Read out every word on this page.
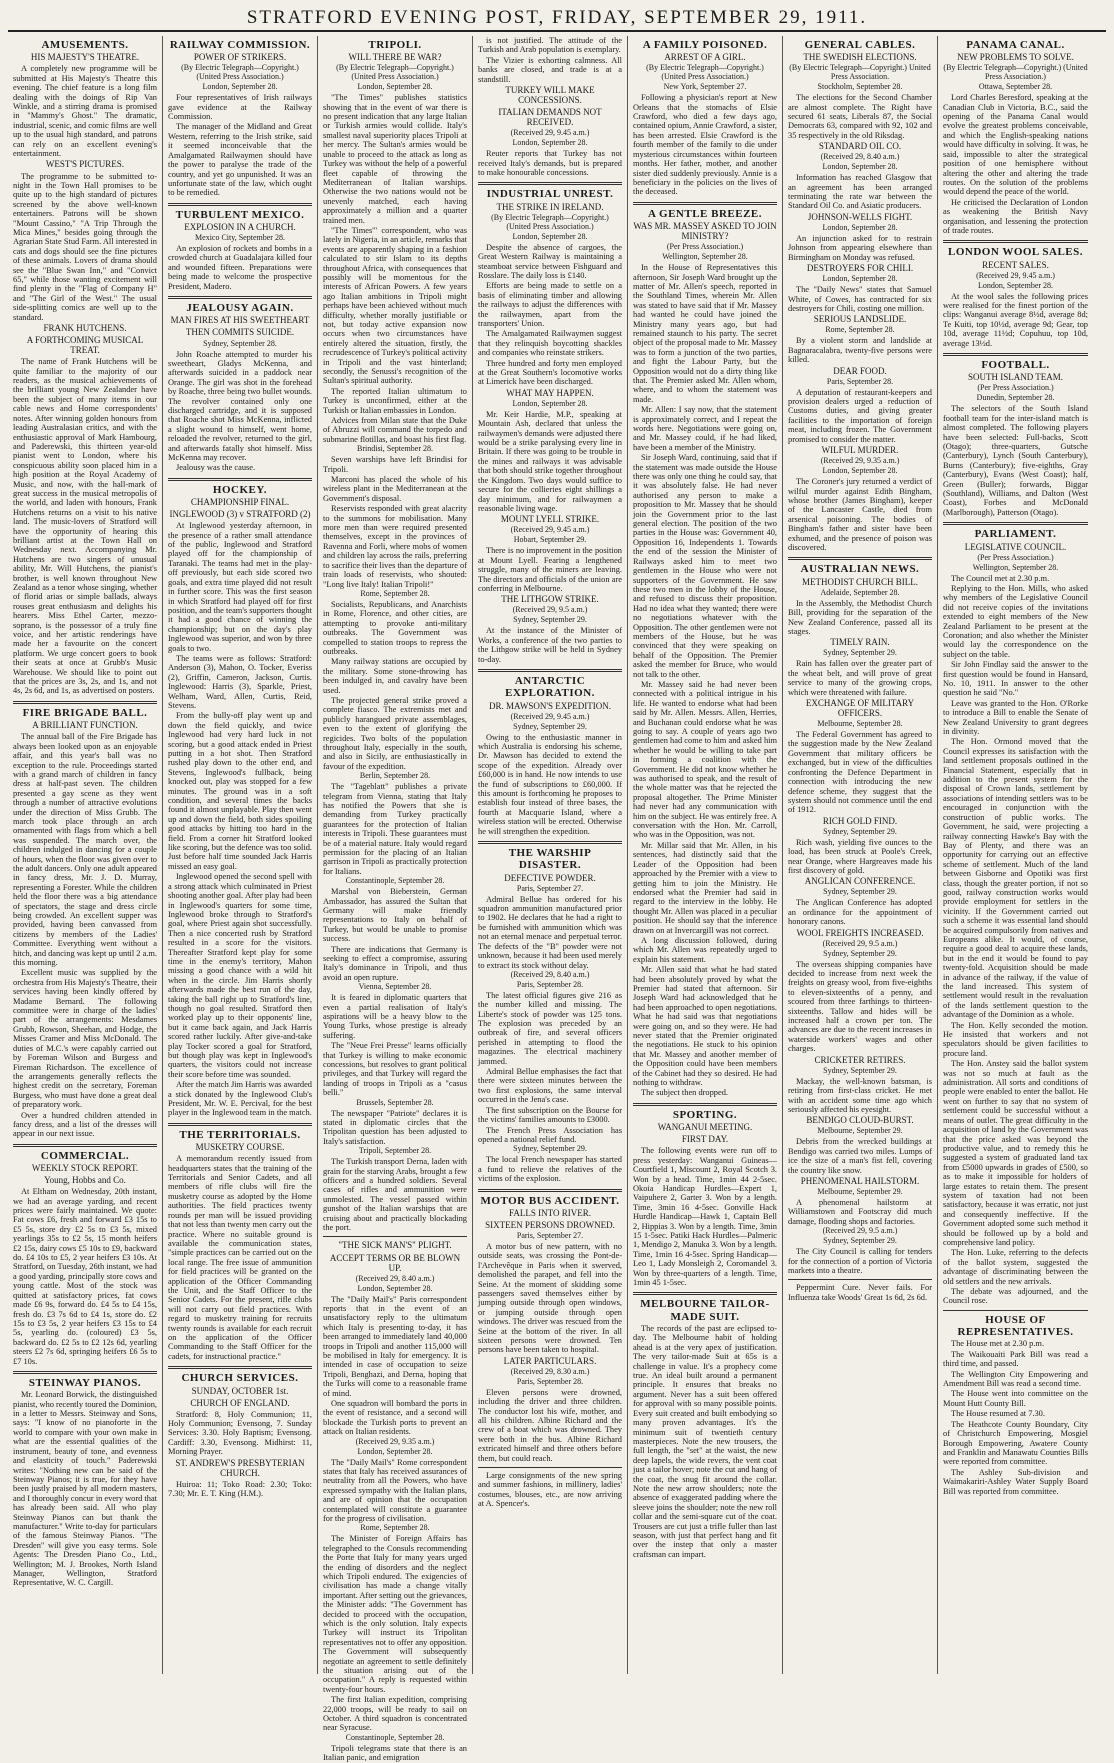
STRATFORD EVENING POST, FRIDAY, SEPTEMBER 29, 1911.
AMUSEMENTS.
HIS MAJESTY'S THEATRE.

A completely new programme will be submitted at His Majesty's Theatre this evening. The chief feature is a long film dealing with the doings of Rip Van Winkle, and a stirring drama is promised in "Mammy's Ghost." The dramatic, industrial, scenic, and comic films are well up to the usual high standard, and patrons can rely on an excellent evening's entertainment.

WEST'S PICTURES.

The programme to be submitted to-night in the Town Hall promises to be quite up to the high standard of pictures screened by the above well-known entertainers. Patrons will be shown "Mount Cassino," "A Trip Through the Mica Mines," besides going through the Agrarian State Stud Farm. All interested in cats and dogs should see the fine pictures of these animals. Lovers of drama should see the "Blue Swan Inn," and "Convict 65," while those wanting excitement will find plenty in the "Flag of Company H" and "The Girl of the West." The usual side-splitting comics are well up to the standard.

FRANK HUTCHENS.
A FORTHCOMING MUSICAL TREAT.

The name of Frank Hutchens will be quite familiar to the majority of our readers, as the musical achievements of the brilliant young New Zealander have been the subject of many items in our cable news and Home correspondents' notes. After winning golden honours from leading Australasian critics, and with the enthusiastic approval of Mark Hambourg, and Paderewski, this thirteen year-old pianist went to London, where his conspicuous ability soon placed him in a high position at the Royal Academy of Music, and now, with the hall-mark of great success in the musical metropolis of the world, and laden with honours, Frank Hutchens returns on a visit to his native land. The music-lovers of Stratford will have the opportunity of hearing this brilliant artist at the Town Hall on Wednesday next. Accompanying Mr. Hutchens are two singers of unusual ability, Mr. Will Hutchens, the pianist's brother, is well known throughout New Zealand as a tenor whose singing, whether of florid arias or simple ballads, always rouses great enthusiasm and delights his hearers. Miss Ethel Carter, mezzo-soprano, is the possessor of a truly fine voice, and her artistic renderings have made her a favourite on the concert platform. We urge concert goers to book their seats at once at Grubb's Music Warehouse. We should like to point out that the prices are 3s, 2s, and 1s, and not 4s, 2s 6d, and 1s, as advertised on posters.

FIRE BRIGADE BALL.
A BRILLIANT FUNCTION.

The annual ball of the Fire Brigade has always been looked upon as an enjoyable affair, and this year's ball was no exception to the rule. Proceedings started with a grand march of children in fancy dress at half-past seven. The children presented a gay scene as they went through a number of attractive evolutions under the direction of Miss Grubb. The march took place through an arch ornamented with flags from which a bell was suspended. The march over, the children indulged in dancing for a couple of hours, when the floor was given over to the adult dancers. Only one adult appeared in fancy dress, Mr. J. D. Murray, representing a Forester. While the children held the floor there was a big attendance of spectators, the stage and dress circle being crowded. An excellent supper was provided, having been canvassed from citizens by members of the Ladies' Committee. Everything went without a hitch, and dancing was kept up until 2 a.m. this morning.

Excellent music was supplied by the orchestra from His Majesty's Theatre, their services having been kindly offered by Madame Bernard. The following committee were in charge of the ladies' part of the arrangements: Mesdames Grubb, Rowson, Sheehan, and Hodge, the Misses Cramer and Miss McDonald. The duties of M.C.'s were capably carried out by Foreman Wilson and Burgess and Fireman Richardson. The excellence of the arrangements generally reflects the highest credit on the secretary, Foreman Burgess, who must have done a great deal of preparatory work.

Over a hundred children attended in fancy dress, and a list of the dresses will appear in our next issue.

COMMERCIAL.
WEEKLY STOCK REPORT.
Young, Hobbs and Co.

At Eltham on Wednesday, 20th instant, we had an average yarding, and recent prices were fairly maintained. We quote: Fat cows £6, fresh and forward £3 15s to £5 5s, store dry £2 5s to £3 5s, mixed yearlings 35s to £2 5s, 15 month heifers £2 15s, dairy cows £5 10s to £9, backward do. £4 10s to £5, 2 year heifers £3 10s. At Stratford, on Tuesday, 26th instant, we had a good yarding, principally store cows and young cattle. Most of the stock was quitted at satisfactory prices, fat cows made £6 9s, forward do. £4 5s to £4 15s, fresh do. £3 7s 6d to £4 1s, store do. £2 15s to £3 5s, 2 year heifers £3 15s to £4 5s, yearling do. (coloured) £3 5s, backward do. £2 5s to £2 12s 6d, yearling steers £2 7s 6d, springing heifers £6 5s to £7 10s.

STEINWAY PIANOS.

Mr. Leonard Borwick, the distinguished pianist, who recently toured the Dominion, in a letter to Messrs. Steinway and Sons, says: "I know of no pianoforte in the world to compare with your own make in what are the essential qualities of the instrument, beauty of tone, and evenness and elasticity of touch." Paderewski writes: "Nothing new can be said of the Steinway Pianos; it is true, for they have been justly praised by all modern masters, and I thoroughly concur in every word that has already been said. All who play Steinway Pianos can but thank the manufacturer." Write to-day for particulars of the famous Steinway Pianos. "The Dresden" will give you easy terms. Sole Agents: The Dresden Piano Co., Ltd., Wellington; M. J. Brookes, North Island Manager, Wellington, Stratford Representative, W. C. Cargill.

RAILWAY COMMISSION.
POWER OF STRIKERS.
(By Electric Telegraph—Copyright.) (United Press Association.)
London, September 28.

Four representatives of Irish railways gave evidence at the Railway Commission.

The manager of the Midland and Great Western, referring to the Irish strike, said it seemed inconceivable that the Amalgamated Railwaymen should have the power to paralyse the trade of the country, and yet go unpunished. It was an unfortunate state of the law, which ought to be remedied.

TURBULENT MEXICO.
EXPLOSION IN A CHURCH.
Mexico City, September 28.

An explosion of rockets and bombs in a crowded church at Guadalajara killed four and wounded fifteen. Preparations were being made to welcome the prospective President, Madero.

JEALOUSY AGAIN.
MAN FIRES AT HIS SWEETHEART
THEN COMMITS SUICIDE.
Sydney, September 28.

John Roache attempted to murder his sweetheart, Gladys McKenna, and afterwards suicided in a paddock near Orange. The girl was shot in the forehead by Roache, three being two bullet wounds. The revolver contained only one discharged cartridge, and it is supposed that Roache shot Miss McKenna, inflicted a slight wound to himself, went home, reloaded the revolver, returned to the girl, and afterwards fatally shot himself. Miss McKenna may recover.

Jealousy was the cause.

HOCKEY.
CHAMPIONSHIP FINAL.
INGLEWOOD (3) v STRATFORD (2)

At Inglewood yesterday afternoon, in the presence of a rather small attendance of the public, Inglewood and Stratford played off for the championship of Taranaki. The teams had met in the play-off previously, but each side scored two goals, and extra time played did not result in further score. This was the first season in which Stratford had played off for first position, and the team's supporters thought it had a good chance of winning the championship; but on the day's play Inglewood was superior, and won by three goals to two.

The teams were as follows: Stratford: Anderson (3), Mahon, O. Tocker, Everiss (2), Griffin, Cameron, Jackson, Curtis. Inglewood: Harris (3), Sparkle, Priest, Welham, Ward, Allen, Curtis, Reid, Stevens.

From the bully-off play went up and down the field quickly, and twice Inglewood had very hard luck in not scoring, but a good attack ended in Priest putting in a hot shot. Then Stratford rushed play down to the other end, and Stevens, Inglewood's fullback, being knocked out, play was stopped for a few minutes. The ground was in a soft condition, and several times the backs found it almost unplayable. Play then went up and down the field, both sides spoiling good attacks by hitting too hard in the field. From a corner hit Stratford looked like scoring, but the defence was too solid. Just before half time sounded Jack Harris missed an easy goal.

Inglewood opened the second spell with a strong attack which culminated in Priest shooting another goal. After play had been in Inglewood's quarters for some time, Inglewood broke through to Stratford's goal, where Priest again shot successfully. Then a nice concerted rush by Stratford resulted in a score for the visitors. Thereafter Stratford kept play for some time in the enemy's territory, Mahon missing a good chance with a wild hit when in the circle. Jim Harris shortly afterwards made the best run of the day, taking the ball right up to Stratford's line, though no goal resulted. Stratford then worked play up to their opponents' line, but it came back again, and Jack Harris scored rather luckily. After give-and-take play Tocker scored a goal for Stratford, but though play was kept in Inglewood's quarters, the visitors could not increase their score before time was sounded.

After the match Jim Harris was awarded a stick donated by the Inglewood Club's President, Mr. W. E. Percival, for the best player in the Inglewood team in the match.

THE TERRITORIALS.
MUSKETRY COURSE.

A memorandum recently issued from headquarters states that the training of the Territorials and Senior Cadets, and all members of rifle clubs will fire the musketry course as adopted by the Home authorities. The field practices twenty rounds per man will be issued providing that not less than twenty men carry out the practice. Where no suitable ground is available the communication states, "simple practices can be carried out on the local range. The free issue of ammunition for field practices will be granted on the application of the Officer Commanding the Unit, and the Staff Officer to the Senior Cadets. For the present, rifle clubs will not carry out field practices. With regard to musketry training for recruits twenty rounds is available for each recruit on the application of the Officer Commanding to the Staff Officer for the cadets, for instructional practice."

CHURCH SERVICES.
SUNDAY, OCTOBER 1st.
CHURCH OF ENGLAND.

Stratford: 8, Holy Communion; 11, Holy Communion; Evensong, 7. Sunday Services: 3.30. Holy Baptism; Evensong. Cardiff: 3.30, Evensong. Midhirst: 11, Morning Prayer.

ST. ANDREW'S PRESBYTERIAN CHURCH.

Huiroa: 11; Toko Road: 2.30; Toko: 7.30; Mr. E. T. King (H.M.).

TRIPOLI.
WILL THERE BE WAR?
(By Electric Telegraph—Copyright.) (United Press Association.)
London, September 28.

"The Times" publishes statistics showing that in the event of war there is no present indication that any large Italian or Turkish armies would collide. Italy's smallest naval superiority places Tripoli at her mercy. The Sultan's armies would be unable to proceed to the attack as long as Turkey was without the help of a powerful fleet capable of throwing the Mediterranean of Italian warships. Otherwise the two nations would not be unevenly matched, each having approximately a million and a quarter trained men.

"The Times'" correspondent, who was lately in Nigeria, in an article, remarks that events are apparently shaping in a fashion calculated to stir Islam to its depths throughout Africa, with consequences that possibly will be momentous for the interests of African Powers. A few years ago Italian ambitions in Tripoli might perhaps have been achieved without much difficulty, whether morally justifiable or not, but today active expansion now occurs when two circumstances have entirely altered the situation, firstly, the recrudescence of Turkey's political activity in Tripoli and the vast hinterland; secondly, the Senussi's recognition of the Sultan's spiritual authority.

The reported Italian ultimatum to Turkey is unconfirmed, either at the Turkish or Italian embassies in London.

Advices from Milan state that the Duke of Abruzzi will command the torpedo and submarine flotillas, and boast his first flag.

Brindisi, September 28.

Seven warships have left Brindisi for Tripoli.

Marconi has placed the whole of his wireless plant in the Mediterranean at the Government's disposal.

Reservists responded with great alacrity to the summons for mobilisation. Many more men than were required presented themselves, except in the provinces of Ravenna and Forli, where mobs of women and children lay across the rails, preferring to sacrifice their lives than the departure of train loads of reservists, who shouted: "Long live Italy! Italian Tripoli!"

Rome, September 28.

Socialists, Republicans, and Anarchists in Rome, Florence, and other cities, are attempting to provoke anti-military outbreaks. The Government was compelled to station troops to repress the outbreaks.

Many railway stations are occupied by the military. Some stone-throwing has been indulged in, and cavalry have been used.

The projected general strike proved a complete fiasco. The extremists met and publicly harangued private assemblages, even to the extent of glorifying the regicides. Two bolts of the population throughout Italy, especially in the south, and also in Sicily, are enthusiastically in favour of the expedition.

Berlin, September 28.

The "Tageblatt" publishes a private telegram from Vienna, stating that Italy has notified the Powers that she is demanding from Turkey practically guarantees for the protection of Italian interests in Tripoli. These guarantees must be of a material nature. Italy would regard permission for the placing of an Italian garrison in Tripoli as practically protection for Italians.

Constantinople, September 28.

Marshal von Bieberstein, German Ambassador, has assured the Sultan that Germany will make friendly representations to Italy on behalf of Turkey, but would be unable to promise success.

There are indications that Germany is seeking to effect a compromise, assuring Italy's dominance in Tripoli, and thus avoid an open rupture.

Vienna, September 28.

It is feared in diplomatic quarters that even a partial realisation of Italy's aspirations will be a heavy blow to the Young Turks, whose prestige is already suffering.

The "Neue Frei Presse" learns officially that Turkey is willing to make economic concessions, but resolves to grant political privileges, and that Turkey will regard the landing of troops in Tripoli as a "casus belli."

Brussels, September 28.

The newspaper "Patriote" declares it is stated in diplomatic circles that the Tripolitan question has been adjusted to Italy's satisfaction.

Tripoli, September 28.

The Turkish transport Derna, laden with grain for the starving Arabs, brought a few officers and a hundred soldiers. Several cases of rifles and ammunition were unmolested. The vessel passed within gunshot of the Italian warships that are cruising about and practically blockading the port.

"THE SICK MAN'S" PLIGHT.
ACCEPT TERMS OR BE BLOWN UP.
(Received 29, 8.40 a.m.)
London, September 28.

The "Daily Mail's" Paris correspondent reports that in the event of an unsatisfactory reply to the ultimatum which Italy is presenting to-day, it has been arranged to immediately land 40,000 troops in Tripoli and another 115,000 will be mobilised in Italy for emergency. It is intended in case of occupation to seize Tripoli, Benghazi, and Derna, hoping that the Turks will come to a reasonable frame of mind.

One squadron will bombard the ports in the event of resistance, and a second will blockade the Turkish ports to prevent an attack on Italian residents.

(Received 29, 9.35 a.m.)
London, September 28.

The "Daily Mail's" Rome correspondent states that Italy has received assurances of neutrality from all the Powers, who have expressed sympathy with the Italian plans, and are of opinion that the occupation contemplated will constitute a guarantee for the progress of civilisation.

Rome, September 28.

The Minister of Foreign Affairs has telegraphed to the Consuls recommending the Porte that Italy for many years urged the ending of disorders and the neglect which Tripoli endured. The exigencies of civilisation has made a change vitally important. After setting out the grievances, the Minister adds: "The Government has decided to proceed with the occupation, which is the only solution. Italy expects Turkey will instruct its Tripolitan representatives not to offer any opposition. The Government will subsequently negotiate an agreement to settle definitely the situation arising out of the occupation." A reply is requested within twenty-four hours.

The first Italian expedition, comprising 22,000 troops, will be ready to sail on October. A third squadron is concentrated near Syracuse.

Constantinople, September 28.

Tripoli telegrams state that there is an Italian panic, and emigration

is not justified. The attitude of the Turkish and Arab population is exemplary.

The Vizier is exhorting calmness. All banks are closed, and trade is at a standstill.

TURKEY WILL MAKE CONCESSIONS.
ITALIAN DEMANDS NOT RECEIVED.
(Received 29, 9.45 a.m.)
London, September 28.

Reuter reports that Turkey has not received Italy's demands, but is prepared to make honourable concessions.

INDUSTRIAL UNREST.
THE STRIKE IN IRELAND.
(By Electric Telegraph—Copyright.) (United Press Association.)
London, September 28.

Despite the absence of cargoes, the Great Western Railway is maintaining a steamboat service between Fishguard and Rosslare. The daily loss is £140.

Efforts are being made to settle on a basis of eliminating timber and allowing the railways to adjust the differences with the railwaymen, apart from the transporters' Union.

The Amalgamated Railwaymen suggest that they relinquish boycotting shackles and companies who reinstate strikers.

Three hundred and forty men employed at the Great Southern's locomotive works at Limerick have been discharged.

WHAT MAY HAPPEN.
London, September 28.

Mr. Keir Hardie, M.P., speaking at Mountain Ash, declared that unless the railwaymen's demands were adjusted there would be a strike paralysing every line in Britain. If there was going to be trouble in the mines and railways it was advisable that both should strike together throughout the Kingdom. Two days would suffice to secure for the collieries eight shillings a day minimum, and for railwaymen a reasonable living wage.

MOUNT LYELL STRIKE.
(Received 29, 9.45 a.m.)
Hobart, September 29.

There is no improvement in the position at Mount Lyell. Fearing a lengthened struggle, many of the miners are leaving. The directors and officials of the union are conferring in Melbourne.

THE LITHGOW STRIKE.
(Received 29, 9.5 a.m.)
Sydney, September 29.

At the instance of the Minister of Works, a conference of the two parties to the Lithgow strike will be held in Sydney to-day.

ANTARCTIC EXPLORATION.
DR. MAWSON'S EXPEDITION.
(Received 29, 9.45 a.m.)
Sydney, September 29.

Owing to the enthusiastic manner in which Australia is endorsing his scheme, Dr. Mawson has decided to extend the scope of the expedition. Already over £60,000 is in hand. He now intends to use the fund of subscriptions to £60,000. If this amount is forthcoming he proposes to establish four instead of three bases, the fourth at Macquarie Island, where a wireless station will be erected. Otherwise he will strengthen the expedition.

THE WARSHIP DISASTER.
DEFECTIVE POWDER.
Paris, September 27.

Admiral Bellue has ordered for his squadron ammunition manufactured prior to 1902. He declares that he had a right to be furnished with ammunition which was not an eternal menace and perpetual terror. The defects of the "B" powder were not unknown, because it had been used merely to extract its stock without delay.

(Received 29, 8.40 a.m.)
Paris, September 28.

The latest official figures give 216 as the number killed and missing. The Liberte's stock of powder was 125 tons. The explosion was preceded by an outbreak of fire, and several officers perished in attempting to flood the magazines. The electrical machinery jammed.

Admiral Bellue emphasises the fact that there were sixteen minutes between the two first explosions, the same interval occurred in the Jena's case.

The first subscription on the Bourse for the victims' families amounts to £3000.

The French Press Association has opened a national relief fund.

Sydney, September 29.

The local French newspaper has started a fund to relieve the relatives of the victims of the explosion.

MOTOR BUS ACCIDENT.
FALLS INTO RIVER.
SIXTEEN PERSONS DROWNED.
Paris, September 27.

A motor bus of new pattern, with no outside seats, was crossing the Pont-de-l'Archevêque in Paris when it swerved, demolished the parapet, and fell into the Seine. At the moment of skidding some passengers saved themselves either by jumping outside through open windows, or jumping outside through open windows. The driver was rescued from the Seine at the bottom of the river. In all sixteen persons were drowned. Ten persons have been taken to hospital.

LATER PARTICULARS.
(Received 29, 8.30 a.m.)
Paris, September 28.

Eleven persons were drowned, including the driver and three children. The conductor lost his wife, mother, and all his children. Albine Richard and the crew of a boat which was drowned. They were both in the bus. Albine Richard extricated himself and three others before them, but could reach.

Large consignments of the new spring and summer fashions, in millinery, ladies' costumes, blouses, etc., are now arriving at A. Spencer's.

A FAMILY POISONED.
ARREST OF A GIRL.
(By Electric Telegraph—Copyright.) (United Press Association.)
New York, September 27.

Following a physician's report at New Orleans that the stomachs of Elsie Crawford, who died a few days ago, contained opium, Annie Crawford, a sister, has been arrested. Elsie Crawford is the fourth member of the family to die under mysterious circumstances within fourteen months. Her father, mother, and another sister died suddenly previously. Annie is a beneficiary in the policies on the lives of the deceased.

A GENTLE BREEZE.
WAS MR. MASSEY ASKED TO JOIN MINISTRY?
(Per Press Association.)
Wellington, September 28.

In the House of Representatives this afternoon, Sir Joseph Ward brought up the matter of Mr. Allen's speech, reported in the Southland Times, wherein Mr. Allen was stated to have said that if Mr. Massey had wanted he could have joined the Ministry many years ago, but had remained staunch to his party. The secret object of the proposal made to Mr. Massey was to form a junction of the two parties, and fight the Labour Party, but the Opposition would not do a dirty thing like that. The Premier asked Mr. Allen whom, where, and to whom the statement was made.

Mr. Allen: I say now, that the statement is approximately correct, and I repeat the words here. Negotiations were going on, and Mr. Massey could, if he had liked, have been a member of the Ministry.

Sir Joseph Ward, continuing, said that if the statement was made outside the House there was only one thing he could say, that it was absolutely false. He had never authorised any person to make a proposition to Mr. Massey that he should join the Government prior to the last general election. The position of the two parties in the House was: Government 40, Opposition 16, Independents 1. Towards the end of the session the Minister of Railways asked him to meet two gentlemen in the House who were not supporters of the Government. He saw these two men in the lobby of the House, and refused to discuss their proposition. Had no idea what they wanted; there were no negotiations whatever with the Opposition. The other gentlemen were not members of the House, but he was convinced that they were speaking on behalf of the Opposition. The Premier asked the member for Bruce, who would not talk to the other.

Mr. Massey said he had never been connected with a political intrigue in his life. He wanted to endorse what had been said by Mr. Allen. Messrs. Allen, Herries, and Buchanan could endorse what he was going to say. A couple of years ago two gentlemen had come to him and asked him whether he would be willing to take part in forming a coalition with the Government. He did not know whether he was authorised to speak, and the result of the whole matter was that he rejected the proposal altogether. The Prime Minister had never had any communication with him on the subject. He was entirely free. A conversation with the Hon. Mr. Carroll, who was in the Opposition, was not.

Mr. Millar said that Mr. Allen, in his sentences, had distinctly said that the Leader of the Opposition had been approached by the Premier with a view to getting him to join the Ministry. He endorsed what the Premier had said in regard to the interview in the lobby. He thought Mr. Allen was placed in a peculiar position. He should say that the inference drawn on at Invercargill was not correct.

A long discussion followed, during which Mr. Allen was repeatedly urged to explain his statement.

Mr. Allen said that what he had stated had been absolutely proved by what the Premier had stated that afternoon. Sir Joseph Ward had acknowledged that he had been approached to open negotiations. What he had said was that negotiations were going on, and so they were. He had never stated that the Premier originated the negotiations. He stuck to his opinion that Mr. Massey and another member of the Opposition could have been members of the Cabinet had they so desired. He had nothing to withdraw.

The subject then dropped.

SPORTING.
WANGANUI MEETING.
FIRST DAY.

The following events were run off to press yesterday: Wanganui Guineas—Courtfield 1, Miscount 2, Royal Scotch 3. Won by a head. Time, 1min 44 2-5sec. Okoia Handicap Hurdles—Expert 1, Vaipuhere 2, Garter 3. Won by a length. Time, 3min 16 4-5sec. Gonville Hack Hurdle Handicap—Hawk 1, Captain Bell 2, Hippias 3. Won by a length. Time, 3min 15 1-5sec. Patiki Hack Hurdles—Palmeric 1, Mendigo 2, Manuka 3. Won by a length. Time, 1min 16 4-5sec. Spring Handicap—Leo 1, Lady Monsleigh 2, Coromandel 3. Won by three-quarters of a length. Time, 1min 45 1-5sec.

MELBOURNE TAILOR-MADE SUIT.

The records of the past are eclipsed to-day. The Melbourne habit of holding ahead is at the very apex of justification. The very tailor-made Suit at 65s is a challenge in value. It's a prophecy come true. An ideal built around a permanent principle. It ensures that breaks no argument. Never has a suit been offered for approval with so many possible points. Every suit created and built embodying so many proven advantages. It's the minimum suit of twentieth century masterpieces. Note the new trousers, the full length, the "set" at the waist, the new deep lapels, the wide revers, the vent coat just a tailor hover; note the cut and hang of the coat, the snug fit around the collar. Note the new arrow shoulders; note the absence of exaggerated padding where the sleeve joins the shoulder; note the new roll collar and the semi-square cut of the coat. Trousers are cut just a trifle fuller than last season, with just that perfect hang and fit over the instep that only a master craftsman can impart.

GENERAL CABLES.
THE SWEDISH ELECTIONS.
(By Electric Telegraph—Copyright.) United Press Association.
Stockholm, September 28.

The elections for the Second Chamber are almost complete. The Right have secured 61 seats, Liberals 87, the Social Democrats 63, compared with 92, 102 and 35 respectively in the old Riksdag.

STANDARD OIL CO.
(Received 29, 8.40 a.m.)
London, September 28.

Information has reached Glasgow that an agreement has been arranged terminating the rate war between the Standard Oil Co. and Asiatic producers.

JOHNSON-WELLS FIGHT.
London, September 28.

An injunction asked for to restrain Johnson from appearing elsewhere than Birmingham on Monday was refused.

DESTROYERS FOR CHILI.
London, September 28.

The "Daily News" states that Samuel White, of Cowes, has contracted for six destroyers for Chili, costing one million.

SERIOUS LANDSLIDE.
Rome, September 28.

By a violent storm and landslide at Bagnaracalabra, twenty-five persons were killed.

DEAR FOOD.
Paris, September 28.

A deputation of restaurant-keepers and provision dealers urged a reduction of Customs duties, and giving greater facilities to the importation of foreign meat, including frozen. The Government promised to consider the matter.

WILFUL MURDER.
(Received 29, 9.35 a.m.)
London, September 28.

The Coroner's jury returned a verdict of wilful murder against Edith Bingham, whose brother (James Bingham), keeper of the Lancaster Castle, died from arsenical poisoning. The bodies of Bingham's father and sister have been exhumed, and the presence of poison was discovered.

AUSTRALIAN NEWS.
METHODIST CHURCH BILL.
Adelaide, September 28.

In the Assembly, the Methodist Church Bill, providing for the separation of the New Zealand Conference, passed all its stages.

TIMELY RAIN.
Sydney, September 29.

Rain has fallen over the greater part of the wheat belt, and will prove of great service to many of the growing crops, which were threatened with failure.

EXCHANGE OF MILITARY OFFICERS.
Melbourne, September 28.

The Federal Government has agreed to the suggestion made by the New Zealand Government that military officers be exchanged, but in view of the difficulties confronting the Defence Department in connection with introducing the new defence scheme, they suggest that the system should not commence until the end of 1912.

RICH GOLD FIND.
Sydney, September 29.

Rich wash, yielding five ounces to the load, has been struck at Poole's Creek, near Orange, where Hargreaves made his first discovery of gold.

ANGLICAN CONFERENCE.
Sydney, September 29.

The Anglican Conference has adopted an ordinance for the appointment of honorary canons.

WOOL FREIGHTS INCREASED.
(Received 29, 9.5 a.m.)
Sydney, September 29.

The overseas shipping companies have decided to increase from next week the freights on greasy wool, from five-eighths to eleven-sixteenths of a penny, and scoured from three farthings to thirteen-sixteenths. Tallow and hides will be increased half a crown per ton. The advances are due to the recent increases in waterside workers' wages and other charges.

CRICKETER RETIRES.
Sydney, September 29.

Mackay, the well-known batsman, is retiring from first-class cricket. He met with an accident some time ago which seriously affected his eyesight.

BENDIGO CLOUD-BURST.
Melbourne, September 29.

Debris from the wrecked buildings at Bendigo was carried two miles. Lumps of ice the size of a man's fist fell, covering the country like snow.

PHENOMENAL HAILSTORM.
Melbourne, September 29.

A phenomenal hailstorm at Williamstown and Footscray did much damage, flooding shops and factories.

(Received 29, 9.5 a.m.)
Sydney, September 29.

The City Council is calling for tenders for the connection of a portion of Victoria markets into a theatre.

Peppermint Cure. Never fails. For Influenza take Woods' Great 1s 6d, 2s 6d.

PANAMA CANAL.
NEW PROBLEMS TO SOLVE.
(By Electric Telegraph—Copyright.) (United Press Association.)
Ottawa, September 28.

Lord Charles Beresford, speaking at the Canadian Club in Victoria, B.C., said the opening of the Panama Canal would evolve the greatest problems conceivable, and which the English-speaking nations would have difficulty in solving. It was, he said, impossible to alter the strategical position of one hemisphere without altering the other and altering the trade routes. On the solution of the problems would depend the peace of the world.

He criticised the Declaration of London as weakening the British Navy organisation, and lessening the protection of trade routes.

LONDON WOOL SALES.
RECENT SALES.
(Received 29, 9.45 a.m.)
London, September 28.

At the wool sales the following prices were realised for the finest portion of the clips: Wanganui average 8½d, average 8d; Te Kuiti, top 10½d, average 9d; Gear, top 10d, average 11½d; Copuhuu, top 10d, average 13½d.

FOOTBALL.
SOUTH ISLAND TEAM.
(Per Press Association.)
Dunedin, September 28.

The selectors of the South Island football team for the inter-island match is almost completed. The following players have been selected: Full-backs, Scott (Otago); three-quarters, Gutsche (Canterbury), Lynch (South Canterbury), Burns (Canterbury); five-eighths, Gray (Canterbury), Evans (West Coast); half, Green (Buller); forwards, Biggar (Southland), Williams, and Dalton (West Coast), Forbes and McDonald (Marlborough), Patterson (Otago).

PARLIAMENT.
LEGISLATIVE COUNCIL.
(Per Press Association.)
Wellington, September 28.

The Council met at 2.30 p.m.

Replying to the Hon. Mills, who asked why members of the Legislative Council did not receive copies of the invitations extended to eight members of the New Zealand Parliament to be present at the Coronation; and also whether the Minister would lay the correspondence on the subject on the table.

Sir John Findlay said the answer to the first question would be found in Hansard, No. 10, 1911. In answer to the other question he said "No."

Leave was granted to the Hon. O'Rorke to introduce a Bill to enable the Senate of New Zealand University to grant degrees in divinity.

The Hon. Ormond moved that the Council expresses its satisfaction with the land settlement proposals outlined in the Financial Statement, especially that in addition to the present system for the disposal of Crown lands, settlement by associations of intending settlers was to be encouraged in conjunction with the construction of public works. The Government, he said, were projecting a railway connecting Hawke's Bay with the Bay of Plenty, and there was an opportunity for carrying out an effective scheme of settlement. Much of the land between Gisborne and Opotiki was first class, though the greater portion, if not so good, railway construction works would provide employment for settlers in the vicinity. If the Government carried out such a scheme it was essential land should be acquired compulsorily from natives and Europeans alike. It would, of course, require a good deal to acquire these lands, but in the end it would be found to pay twenty-fold. Acquisition should be made in advance of the railway, if the value of the land increased. This system of settlement would result in the revaluation of the lands settlement question to the advantage of the Dominion as a whole.

The Hon. Kelly seconded the motion. He insisted that workers and not speculators should be given facilities to procure land.

The Hon. Anstey said the ballot system was not so much at fault as the administration. All sorts and conditions of people were enabled to enter the ballot. He went on further to say that no system of settlement could be successful without a means of outlet. The great difficulty in the acquisition of land by the Government was that the price asked was beyond the productive value, and to remedy this he suggested a system of graduated land tax from £5000 upwards in grades of £500, so as to make it impossible for holders of large estates to retain them. The present system of taxation had not been satisfactory, because it was erratic, not just and consequently ineffective. If the Government adopted some such method it should be followed up by a bold and comprehensive land policy.

The Hon. Luke, referring to the defects of the ballot system, suggested the advantage of discriminating between the old settlers and the new arrivals.

The debate was adjourned, and the Council rose.

HOUSE OF REPRESENTATIVES.

The House met at 2.30 p.m.

The Waikouaiti Park Bill was read a third time, and passed.

The Wellington City Empowering and Amendment Bill was read a second time.

The House went into committee on the Mount Hutt County Bill.

The House resumed at 7.30.

The Heathcote County Boundary, City of Christchurch Empowering, Mosgiel Borough Empowering, Awatere County and Franklin and Manawatu Counties Bills were reported from committee.

The Ashley Sub-division and Waimakariri-Ashley Water Supply Board Bill was reported from committee.
